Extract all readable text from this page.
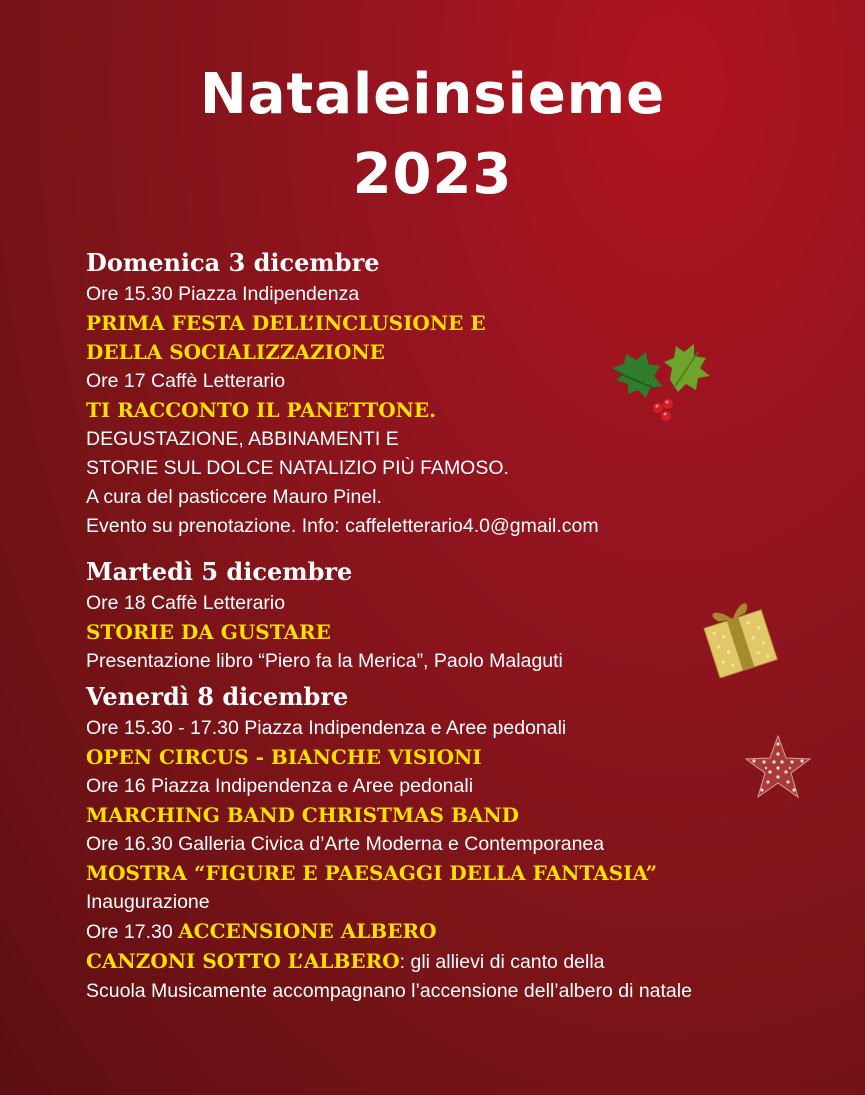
Nataleinsieme
2023
Domenica 3 dicembre
Ore 15.30 Piazza Indipendenza
PRIMA FESTA DELL’INCLUSIONE E
DELLA SOCIALIZZAZIONE
Ore 17 Caffè Letterario
TI RACCONTO IL PANETTONE.
DEGUSTAZIONE, ABBINAMENTI E
STORIE SUL DOLCE NATALIZIO PIÙ FAMOSO.
A cura del pasticcere Mauro Pinel.
Evento su prenotazione. Info: caffeletterario4.0@gmail.com
Martedì 5 dicembre
Ore 18 Caffè Letterario
STORIE DA GUSTARE
Presentazione libro “Piero fa la Merica”, Paolo Malaguti
Venerdì 8 dicembre
Ore 15.30 - 17.30 Piazza Indipendenza e Aree pedonali
OPEN CIRCUS - BIANCHE VISIONI
Ore 16 Piazza Indipendenza e Aree pedonali
MARCHING BAND CHRISTMAS BAND
Ore 16.30 Galleria Civica d’Arte Moderna e Contemporanea
MOSTRA “FIGURE E PAESAGGI DELLA FANTASIA”
Inaugurazione
Ore 17.30 ACCENSIONE ALBERO
CANZONI SOTTO L’ALBERO: gli allievi di canto della
Scuola Musicamente accompagnano l’accensione dell’albero di natale
